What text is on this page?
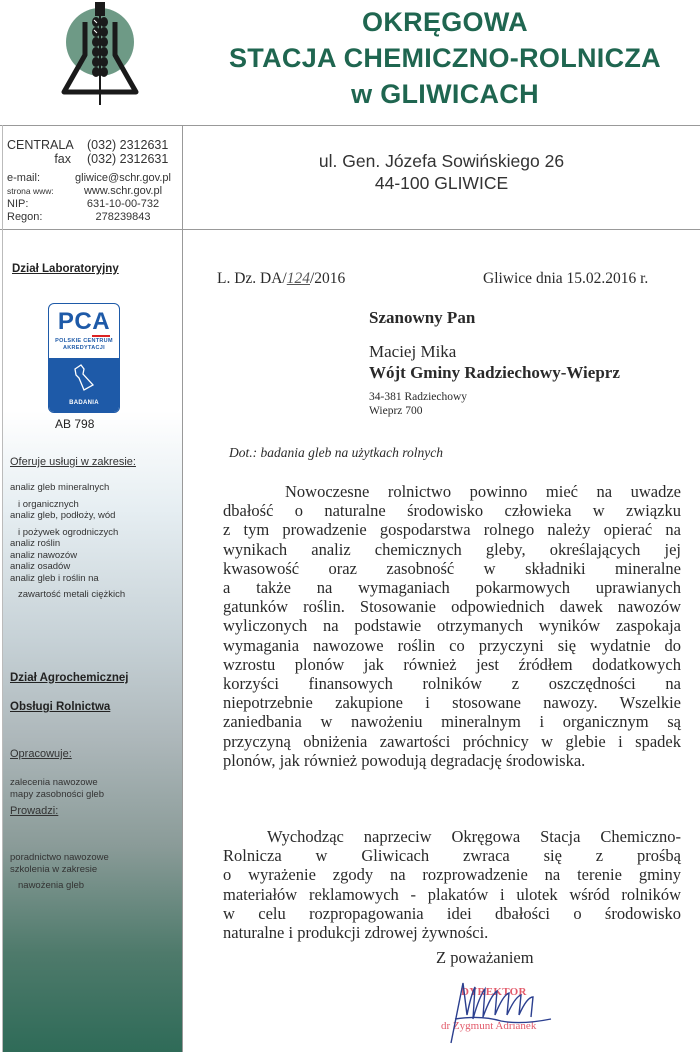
OKRĘGOWA
STACJA CHEMICZNO-ROLNICZA
w GLIWICACH
Dział Laboratoryjny
PCA
POLSKIE CENTRUM
AKREDYTACJI
BADANIA
AB 798
Oferuje usługi w zakresie:
analiz gleb mineralnych
i organicznych
analiz gleb, podłoży, wód
i pożywek ogrodniczych
analiz roślin
analiz nawozów
analiz osadów
analiz gleb i roślin na
zawartość metali ciężkich
Dział Agrochemicznej
Obsługi Rolnictwa
Opracowuje:
zalecenia nawozowe
mapy zasobności gleb
Prowadzi:
poradnictwo nawozowe
szkolenia w zakresie
nawożenia gleb
CENTRALA	(032) 2312631
fax	(032) 2312631
e-mail:	gliwice@schr.gov.pl
strona www:	www.schr.gov.pl
NIP:	631-10-00-732
Regon:	278239843
ul. Gen. Józefa Sowińskiego 26
44-100 GLIWICE
L. Dz. DA/124/2016	Gliwice dnia 15.02.2016 r.
Szanowny Pan
Maciej Mika
Wójt Gminy Radziechowy-Wieprz
34-381 Radziechowy
Wieprz 700
Dot.: badania gleb na użytkach rolnych
Nowoczesne rolnictwo powinno mieć na uwadze
dbałość o naturalne środowisko człowieka w związku
z tym prowadzenie gospodarstwa rolnego należy opierać na
wynikach analiz chemicznych gleby, określających jej
kwasowość oraz zasobność w składniki mineralne
a także na wymaganiach pokarmowych uprawianych
gatunków roślin. Stosowanie odpowiednich dawek nawozów
wyliczonych na podstawie otrzymanych wyników zaspokaja
wymagania nawozowe roślin co przyczyni się wydatnie do
wzrostu plonów jak również jest źródłem dodatkowych
korzyści finansowych rolników z oszczędności na
niepotrzebnie zakupione i stosowane nawozy. Wszelkie
zaniedbania w nawożeniu mineralnym i organicznym są
przyczyną obniżenia zawartości próchnicy w glebie i spadek
plonów, jak również powodują degradację środowiska.
Wychodząc naprzeciw Okręgowa Stacja Chemiczno-
Rolnicza w Gliwicach zwraca się z prośbą
o wyrażenie zgody na rozprowadzenie na terenie gminy
materiałów reklamowych - plakatów i ulotek wśród rolników
w celu rozpropagowania idei dbałości o środowisko
naturalne i produkcji zdrowej żywności.
Z poważaniem
DYREKTOR
dr Zygmunt Adrianek
